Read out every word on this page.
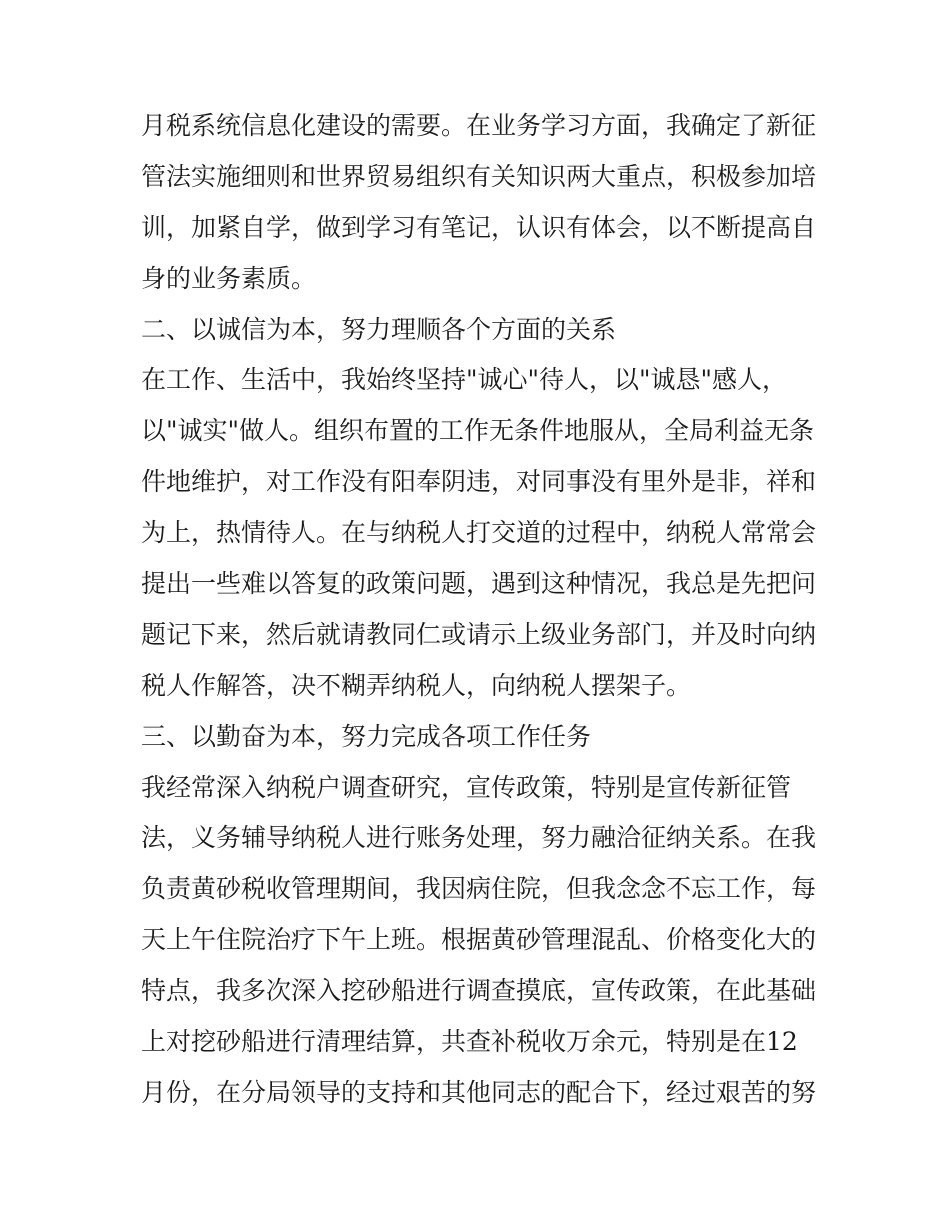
月税系统信息化建设的需要。在业务学习方面，我确定了新征
管法实施细则和世界贸易组织有关知识两大重点，积极参加培
训，加紧自学，做到学习有笔记，认识有体会，以不断提高自
身的业务素质。
二、以诚信为本，努力理顺各个方面的关系
在工作、生活中，我始终坚持"诚心"待人，以"诚恳"感人，
以"诚实"做人。组织布置的工作无条件地服从，全局利益无条
件地维护，对工作没有阳奉阴违，对同事没有里外是非，祥和
为上，热情待人。在与纳税人打交道的过程中，纳税人常常会
提出一些难以答复的政策问题，遇到这种情况，我总是先把问
题记下来，然后就请教同仁或请示上级业务部门，并及时向纳
税人作解答，决不糊弄纳税人，向纳税人摆架子。
三、以勤奋为本，努力完成各项工作任务
我经常深入纳税户调查研究，宣传政策，特别是宣传新征管
法，义务辅导纳税人进行账务处理，努力融洽征纳关系。在我
负责黄砂税收管理期间，我因病住院，但我念念不忘工作，每
天上午住院治疗下午上班。根据黄砂管理混乱、价格变化大的
特点，我多次深入挖砂船进行调查摸底，宣传政策，在此基础
上对挖砂船进行清理结算，共查补税收万余元，特别是在12
月份，在分局领导的支持和其他同志的配合下，经过艰苦的努
